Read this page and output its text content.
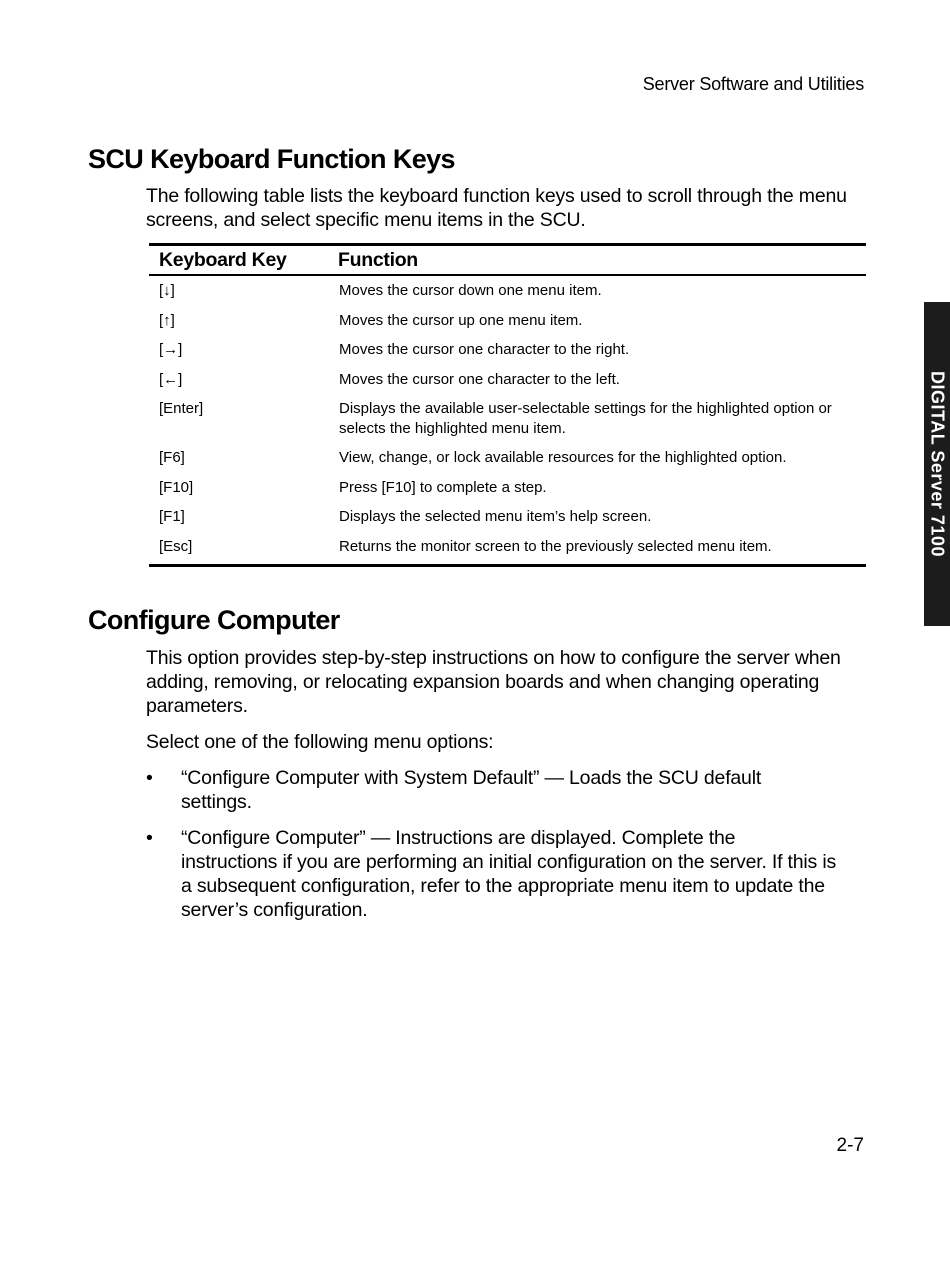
Server Software and Utilities
DIGITAL Server 7100
SCU Keyboard Function Keys

The following table lists the keyboard function keys used to scroll through the menu screens, and select specific menu items in the SCU.

Keyboard Key	Function
[↓]	Moves the cursor down one menu item.
[↑]	Moves the cursor up one menu item.
[→]	Moves the cursor one character to the right.
[←]	Moves the cursor one character to the left.
[Enter]	Displays the available user-selectable settings for the highlighted option or selects the highlighted menu item.
[F6]	View, change, or lock available resources for the highlighted option.
[F10]	Press [F10] to complete a step.
[F1]	Displays the selected menu item’s help screen.
[Esc]	Returns the monitor screen to the previously selected menu item.
Configure Computer

This option provides step-by-step instructions on how to configure the server when adding, removing, or relocating expansion boards and when changing operating parameters.

Select one of the following menu options:

• “Configure Computer with System Default” — Loads the SCU default settings.
• “Configure Computer” — Instructions are displayed. Complete the instructions if you are performing an initial configuration on the server. If this is a subsequent configuration, refer to the appropriate menu item to update the server’s configuration.
2-7
